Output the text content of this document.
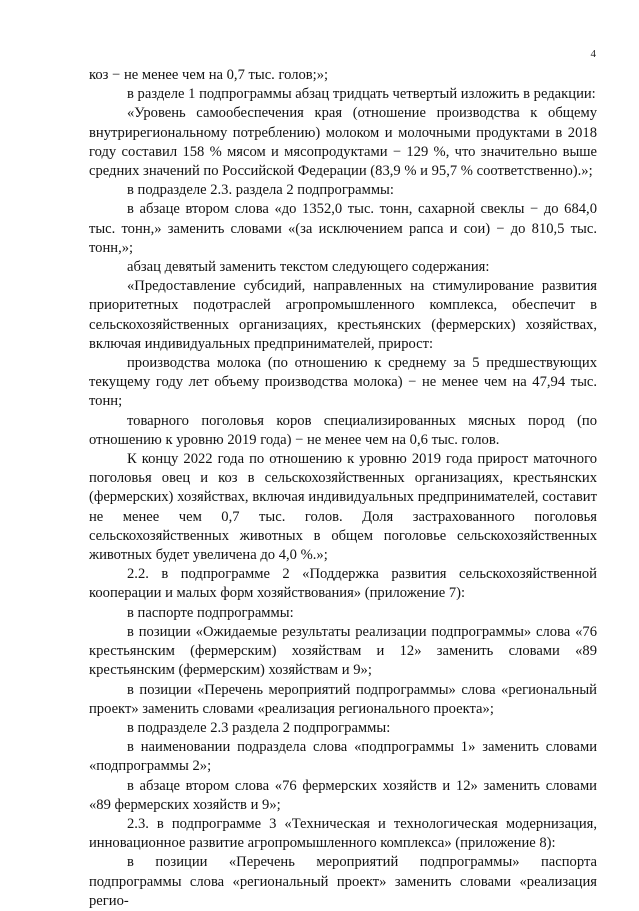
4

коз − не менее чем на 0,7 тыс. голов;»;

в разделе 1 подпрограммы абзац тридцать четвертый изложить в редакции:

«Уровень самообеспечения края (отношение производства к общему внутрирегиональному потреблению) молоком и молочными продуктами в 2018 году составил 158 % мясом и мясопродуктами − 129 %, что значительно выше средних значений по Российской Федерации (83,9 % и 95,7 % соответственно).»;

в подразделе 2.3. раздела 2 подпрограммы:

в абзаце втором слова «до 1352,0 тыс. тонн, сахарной свеклы − до 684,0 тыс. тонн,» заменить словами «(за исключением рапса и сои) − до 810,5 тыс. тонн,»;

абзац девятый заменить текстом следующего содержания:

«Предоставление субсидий, направленных на стимулирование развития приоритетных подотраслей агропромышленного комплекса, обеспечит в сельскохозяйственных организациях, крестьянских (фермерских) хозяйствах, включая индивидуальных предпринимателей, прирост:

производства молока (по отношению к среднему за 5 предшествующих текущему году лет объему производства молока) − не менее чем на 47,94 тыс. тонн;

товарного поголовья коров специализированных мясных пород (по отношению к уровню 2019 года) − не менее чем на 0,6 тыс. голов.

К концу 2022 года по отношению к уровню 2019 года прирост маточного поголовья овец и коз в сельскохозяйственных организациях, крестьянских (фермерских) хозяйствах, включая индивидуальных предпринимателей, составит не менее чем 0,7 тыс. голов. Доля застрахованного поголовья сельскохозяйственных животных в общем поголовье сельскохозяйственных животных будет увеличена до 4,0 %.»;

2.2. в подпрограмме 2 «Поддержка развития сельскохозяйственной кооперации и малых форм хозяйствования» (приложение 7):

в паспорте подпрограммы:

в позиции «Ожидаемые результаты реализации подпрограммы» слова «76 крестьянским (фермерским) хозяйствам и 12» заменить словами «89 крестьянским (фермерским) хозяйствам и 9»;

в позиции «Перечень мероприятий подпрограммы» слова «региональный проект» заменить словами «реализация регионального проекта»;

в подразделе 2.3 раздела 2 подпрограммы:

в наименовании подраздела слова «подпрограммы 1» заменить словами «подпрограммы 2»;

в абзаце втором слова «76 фермерских хозяйств и 12» заменить словами «89 фермерских хозяйств и 9»;

2.3. в подпрограмме 3 «Техническая и технологическая модернизация, инновационное развитие агропромышленного комплекса» (приложение 8):

в позиции «Перечень мероприятий подпрограммы» паспорта подпрограммы слова «региональный проект» заменить словами «реализация регио-
